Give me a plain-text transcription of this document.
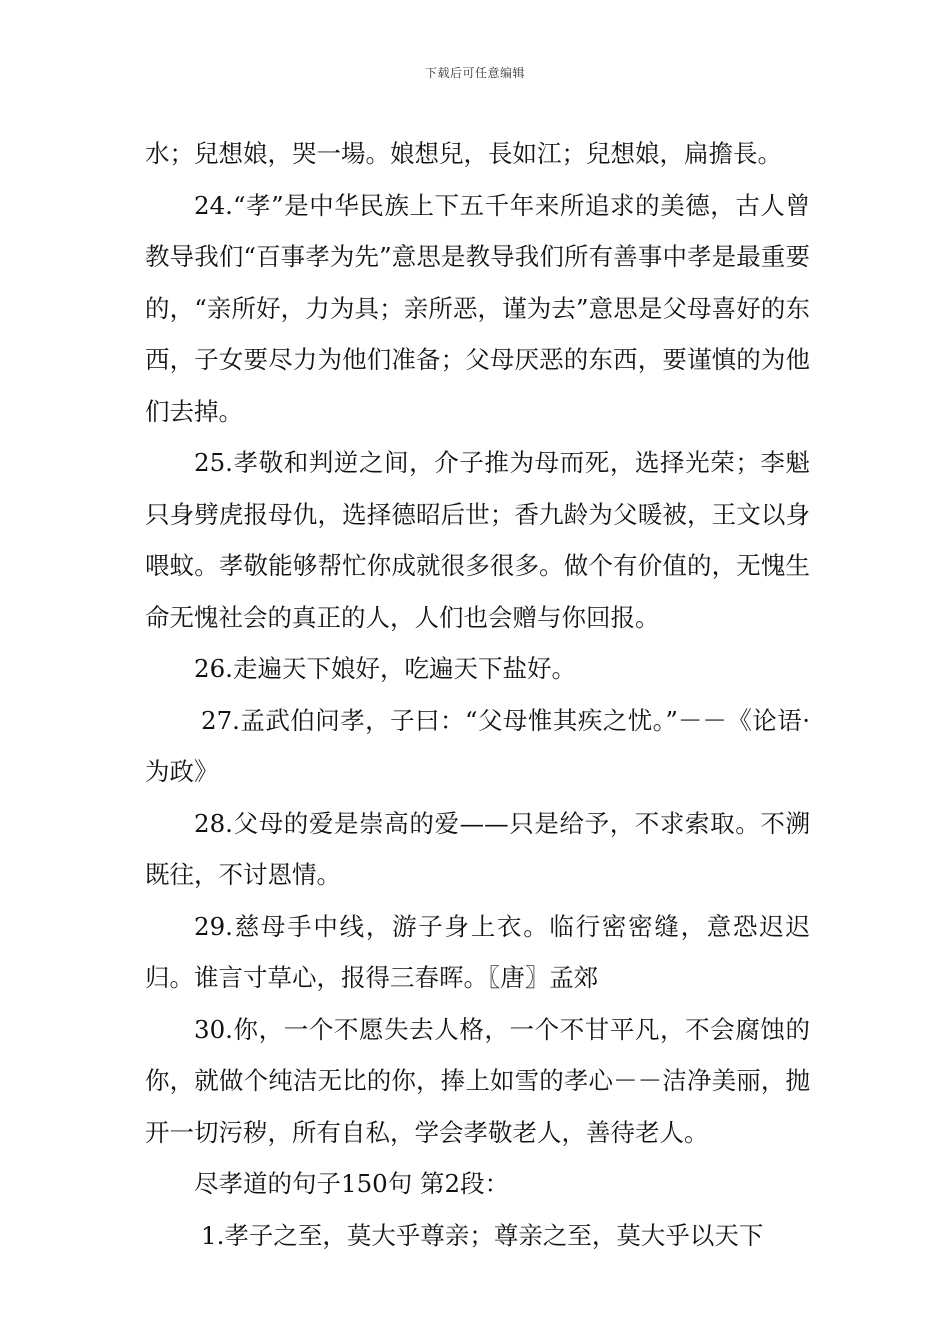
下载后可任意编辑

水；兒想娘，哭一場。娘想兒，長如江；兒想娘，扁擔長。

24.“孝”是中华民族上下五千年来所追求的美德，古人曾教导我们“百事孝为先”意思是教导我们所有善事中孝是最重要的，“亲所好，力为具；亲所恶，谨为去”意思是父母喜好的东西，子女要尽力为他们准备；父母厌恶的东西，要谨慎的为他们去掉。

25.孝敬和判逆之间，介子推为母而死，选择光荣；李魁只身劈虎报母仇，选择德昭后世；香九龄为父暖被，王文以身喂蚊。孝敬能够帮忙你成就很多很多。做个有价值的，无愧生命无愧社会的真正的人，人们也会赠与你回报。

26.走遍天下娘好，吃遍天下盐好。

27.孟武伯问孝，子曰：“父母惟其疾之忧。”－－《论语·为政》

28.父母的爱是崇高的爱——只是给予，不求索取。不溯既往，不讨恩情。

29.慈母手中线，游子身上衣。临行密密缝，意恐迟迟归。谁言寸草心，报得三春晖。〖唐〗孟郊

30.你，一个不愿失去人格，一个不甘平凡，不会腐蚀的你，就做个纯洁无比的你，捧上如雪的孝心－－洁净美丽，抛开一切污秽，所有自私，学会孝敬老人，善待老人。

尽孝道的句子150句 第2段：

1.孝子之至，莫大乎尊亲；尊亲之至，莫大乎以天下
